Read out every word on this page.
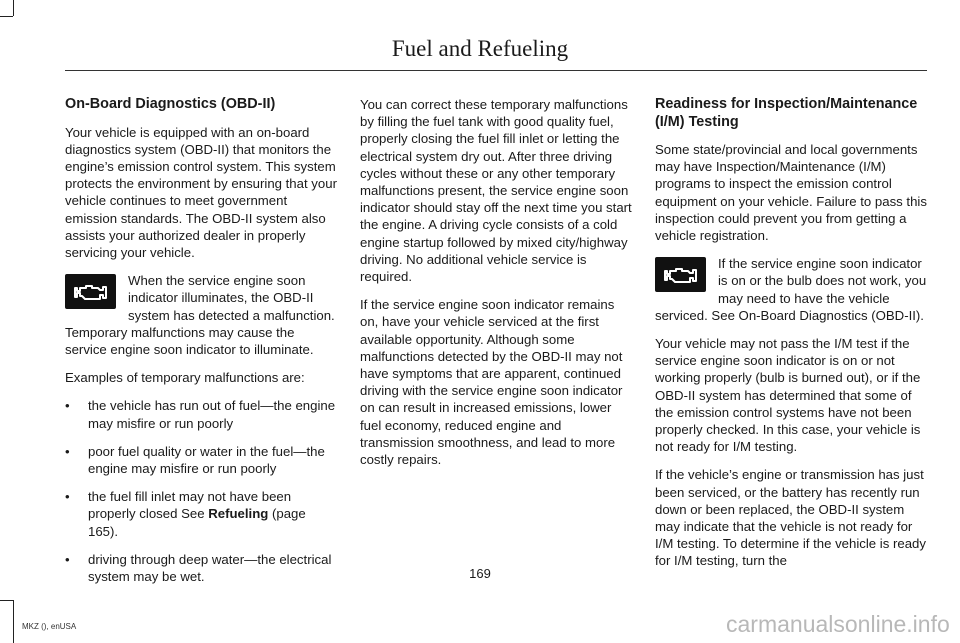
Fuel and Refueling
On-Board Diagnostics (OBD-II)

Your vehicle is equipped with an on-board diagnostics system (OBD-II) that monitors the engine’s emission control system. This system protects the environment by ensuring that your vehicle continues to meet government emission standards. The OBD-II system also assists your authorized dealer in properly servicing your vehicle.

When the service engine soon indicator illuminates, the OBD-II system has detected a malfunction. Temporary malfunctions may cause the service engine soon indicator to illuminate.

Examples of temporary malfunctions are:

• the vehicle has run out of fuel—the engine may misfire or run poorly
• poor fuel quality or water in the fuel—the engine may misfire or run poorly
• the fuel fill inlet may not have been properly closed See Refueling (page 165).
• driving through deep water—the electrical system may be wet.

You can correct these temporary malfunctions by filling the fuel tank with good quality fuel, properly closing the fuel fill inlet or letting the electrical system dry out. After three driving cycles without these or any other temporary malfunctions present, the service engine soon indicator should stay off the next time you start the engine. A driving cycle consists of a cold engine startup followed by mixed city/highway driving. No additional vehicle service is required.

If the service engine soon indicator remains on, have your vehicle serviced at the first available opportunity. Although some malfunctions detected by the OBD-II may not have symptoms that are apparent, continued driving with the service engine soon indicator on can result in increased emissions, lower fuel economy, reduced engine and transmission smoothness, and lead to more costly repairs.

Readiness for Inspection/Maintenance (I/M) Testing

Some state/provincial and local governments may have Inspection/Maintenance (I/M) programs to inspect the emission control equipment on your vehicle. Failure to pass this inspection could prevent you from getting a vehicle registration.

If the service engine soon indicator is on or the bulb does not work, you may need to have the vehicle serviced. See On-Board Diagnostics (OBD-II).

Your vehicle may not pass the I/M test if the service engine soon indicator is on or not working properly (bulb is burned out), or if the OBD-II system has determined that some of the emission control systems have not been properly checked. In this case, your vehicle is not ready for I/M testing.

If the vehicle’s engine or transmission has just been serviced, or the battery has recently run down or been replaced, the OBD-II system may indicate that the vehicle is not ready for I/M testing. To determine if the vehicle is ready for I/M testing, turn the

169
MKZ (), enUSA	carmanualsonline.info
